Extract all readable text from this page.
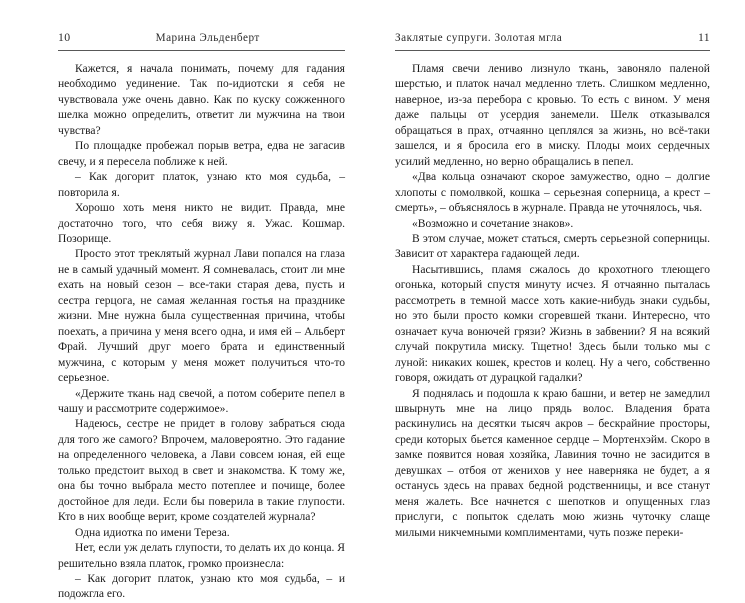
10	Марина Эльденберт

Кажется, я начала понимать, почему для гадания необходимо уединение. Так по-идиотски я себя не чувствовала уже очень давно. Как по куску сожженного шелка можно определить, ответит ли мужчина на твои чувства?

По площадке пробежал порыв ветра, едва не загасив свечу, и я пересела поближе к ней.

– Как догорит платок, узнаю кто моя судьба, – повторила я.

Хорошо хоть меня никто не видит. Правда, мне достаточно того, что себя вижу я. Ужас. Кошмар. Позорище.

Просто этот треклятый журнал Лави попался на глаза не в самый удачный момент. Я сомневалась, стоит ли мне ехать на новый сезон – все-таки старая дева, пусть и сестра герцога, не самая желанная гостья на празднике жизни. Мне нужна была существенная причина, чтобы поехать, а причина у меня всего одна, и имя ей – Альберт Фрай. Лучший друг моего брата и единственный мужчина, с которым у меня может получиться что-то серьезное.

«Держите ткань над свечой, а потом соберите пепел в чашу и рассмотрите содержимое».

Надеюсь, сестре не придет в голову забраться сюда для того же самого? Впрочем, маловероятно. Это гадание на определенного человека, а Лави совсем юная, ей еще только предстоит выход в свет и знакомства. К тому же, она бы точно выбрала место потеплее и почище, более достойное для леди. Если бы поверила в такие глупости. Кто в них вообще верит, кроме создателей журнала?

Одна идиотка по имени Тереза.

Нет, если уж делать глупости, то делать их до конца. Я решительно взяла платок, громко произнесла:

– Как догорит платок, узнаю кто моя судьба, – и подожгла его.

Заклятые супруги. Золотая мгла	11

Пламя свечи лениво лизнуло ткань, завоняло паленой шерстью, и платок начал медленно тлеть. Слишком медленно, наверное, из-за перебора с кровью. То есть с вином. У меня даже пальцы от усердия занемели. Шелк отказывался обращаться в прах, отчаянно цеплялся за жизнь, но всё-таки зашелся, и я бросила его в миску. Плоды моих сердечных усилий медленно, но верно обращались в пепел.

«Два кольца означают скорое замужество, одно – долгие хлопоты с помолвкой, кошка – серьезная соперница, а крест – смерть», – объяснялось в журнале. Правда не уточнялось, чья.

«Возможно и сочетание знаков».

В этом случае, может статься, смерть серьезной соперницы. Зависит от характера гадающей леди.

Насытившись, пламя сжалось до крохотного тлеющего огонька, который спустя минуту исчез. Я отчаянно пыталась рассмотреть в темной массе хоть какие-нибудь знаки судьбы, но это были просто комки сгоревшей ткани. Интересно, что означает куча вонючей грязи? Жизнь в забвении? Я на всякий случай покрутила миску. Тщетно! Здесь были только мы с луной: никаких кошек, крестов и колец. Ну а чего, собственно говоря, ожидать от дурацкой гадалки?

Я поднялась и подошла к краю башни, и ветер не замедлил швырнуть мне на лицо прядь волос. Владения брата раскинулись на десятки тысяч акров – бескрайние просторы, среди которых бьется каменное сердце – Мортенхэйм. Скоро в замке появится новая хозяйка, Лавиния точно не засидится в девушках – отбоя от женихов у нее наверняка не будет, а я останусь здесь на правах бедной родственницы, и все станут меня жалеть. Все начнется с шепотков и опущенных глаз прислуги, с попыток сделать мою жизнь чуточку слаще милыми никчемными комплиментами, чуть позже переки-
